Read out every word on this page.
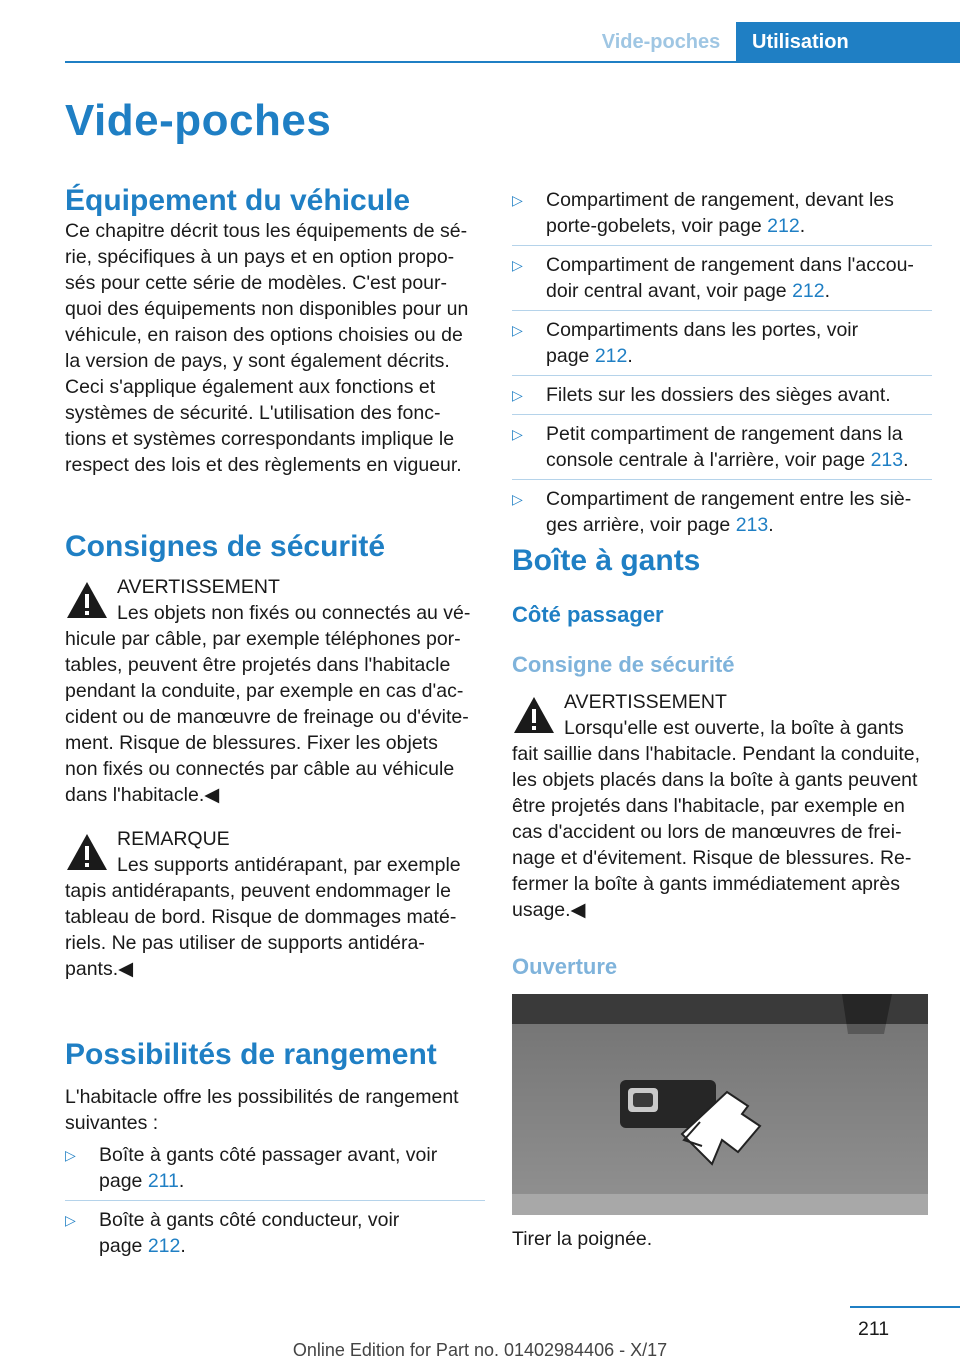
Vide-poches	Utilisation
Vide-poches
Équipement du véhicule
Ce chapitre décrit tous les équipements de sé‐
rie, spécifiques à un pays et en option propo‐
sés pour cette série de modèles. C'est pour‐
quoi des équipements non disponibles pour un
véhicule, en raison des options choisies ou de
la version de pays, y sont également décrits.
Ceci s'applique également aux fonctions et
systèmes de sécurité. L'utilisation des fonc‐
tions et systèmes correspondants implique le
respect des lois et des règlements en vigueur.
Consignes de sécurité
AVERTISSEMENT
Les objets non fixés ou connectés au vé‐
hicule par câble, par exemple téléphones por‐
tables, peuvent être projetés dans l'habitacle
pendant la conduite, par exemple en cas d'ac‐
cident ou de manœuvre de freinage ou d'évite‐
ment. Risque de blessures. Fixer les objets
non fixés ou connectés par câble au véhicule
dans l'habitacle.◀
REMARQUE
Les supports antidérapant, par exemple
tapis antidérapants, peuvent endommager le
tableau de bord. Risque de dommages maté‐
riels. Ne pas utiliser de supports antidéra‐
pants.◀
Possibilités de rangement
L'habitacle offre les possibilités de rangement
suivantes :
▷ Boîte à gants côté passager avant, voir
page 211.
▷ Boîte à gants côté conducteur, voir
page 212.
▷ Compartiment de rangement, devant les
porte-gobelets, voir page 212.
▷ Compartiment de rangement dans l'accou‐
doir central avant, voir page 212.
▷ Compartiments dans les portes, voir
page 212.
▷ Filets sur les dossiers des sièges avant.
▷ Petit compartiment de rangement dans la
console centrale à l'arrière, voir page 213.
▷ Compartiment de rangement entre les siè‐
ges arrière, voir page 213.
Boîte à gants
Côté passager
Consigne de sécurité
AVERTISSEMENT
Lorsqu'elle est ouverte, la boîte à gants
fait saillie dans l'habitacle. Pendant la conduite,
les objets placés dans la boîte à gants peuvent
être projetés dans l'habitacle, par exemple en
cas d'accident ou lors de manœuvres de frei‐
nage et d'évitement. Risque de blessures. Re‐
fermer la boîte à gants immédiatement après
usage.◀
Ouverture
Tirer la poignée.
211
Online Edition for Part no. 01402984406 - X/17
